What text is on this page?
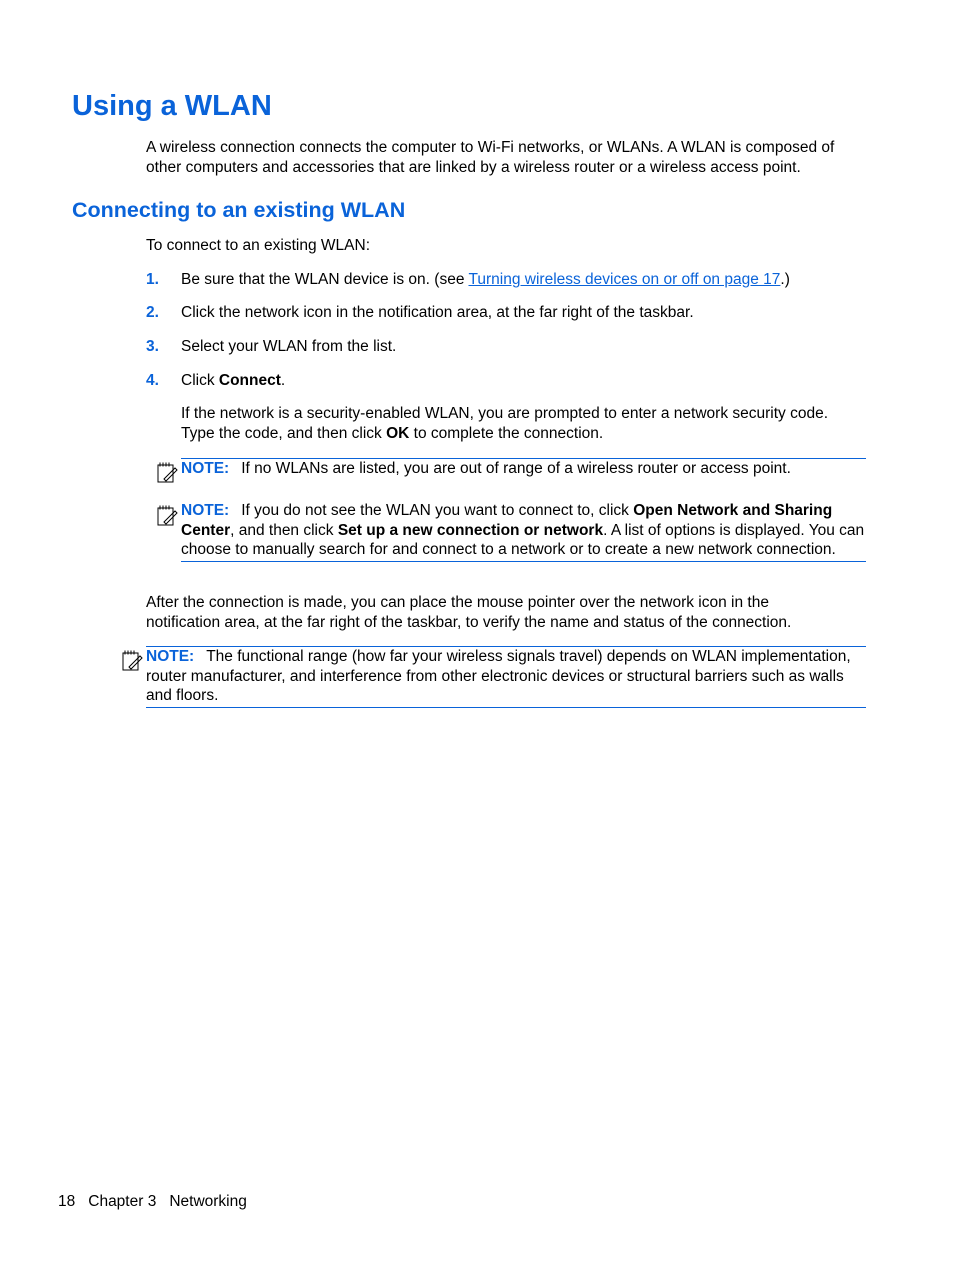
Using a WLAN

A wireless connection connects the computer to Wi-Fi networks, or WLANs. A WLAN is composed of other computers and accessories that are linked by a wireless router or a wireless access point.

Connecting to an existing WLAN

To connect to an existing WLAN:

1. Be sure that the WLAN device is on. (see Turning wireless devices on or off on page 17.)
2. Click the network icon in the notification area, at the far right of the taskbar.
3. Select your WLAN from the list.
4. Click Connect.
If the network is a security-enabled WLAN, you are prompted to enter a network security code. Type the code, and then click OK to complete the connection.
NOTE: If no WLANs are listed, you are out of range of a wireless router or access point.
NOTE: If you do not see the WLAN you want to connect to, click Open Network and Sharing Center, and then click Set up a new connection or network. A list of options is displayed. You can choose to manually search for and connect to a network or to create a new network connection.

After the connection is made, you can place the mouse pointer over the network icon in the notification area, at the far right of the taskbar, to verify the name and status of the connection.

NOTE: The functional range (how far your wireless signals travel) depends on WLAN implementation, router manufacturer, and interference from other electronic devices or structural barriers such as walls and floors.
18 Chapter 3 Networking
